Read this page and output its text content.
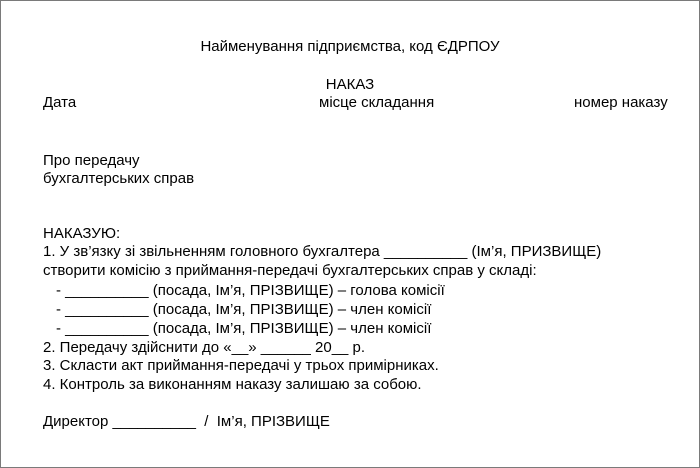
Найменування підприємства, код ЄДРПОУ
НАКАЗ
Дата	місце складання	номер наказу
Про передачу
бухгалтерських справ
НАКАЗУЮ:
1. У зв’язку зі звільненням головного бухгалтера __________ (Ім’я, ПРИЗВИЩЕ)
створити комісію з приймання-передачі бухгалтерських справ у складі:
- __________ (посада, Ім’я, ПРІЗВИЩЕ) – голова комісії
- __________ (посада, Ім’я, ПРІЗВИЩЕ) – член комісії
- __________ (посада, Ім’я, ПРІЗВИЩЕ) – член комісії
2. Передачу здійснити до «__» ______ 20__ р.
3. Скласти акт приймання-передачі у трьох примірниках.
4. Контроль за виконанням наказу залишаю за собою.
Директор __________  /  Ім’я, ПРІЗВИЩЕ
